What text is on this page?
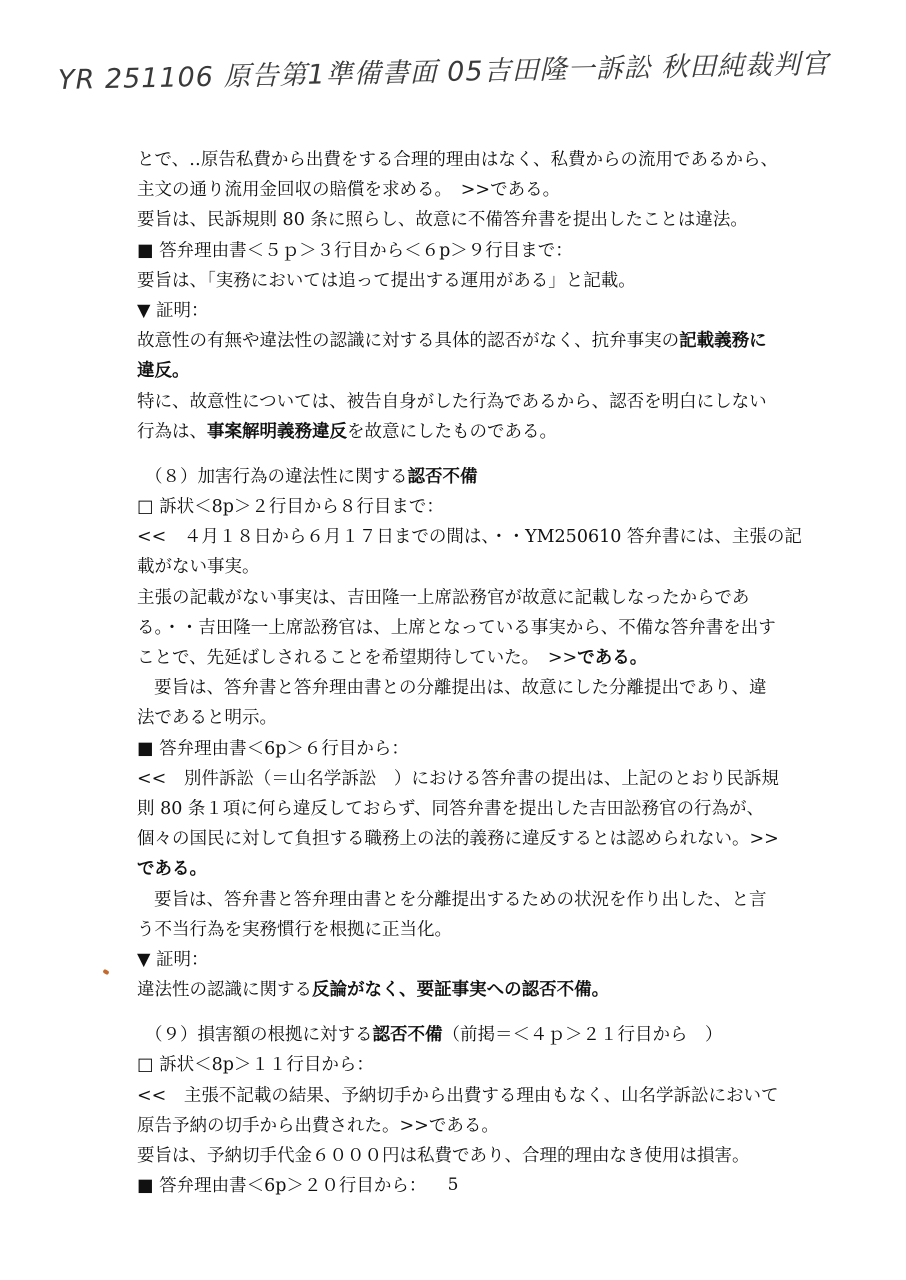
YR 251106 原告第1準備書面 05吉田隆一訴訟 秋田純裁判官
とで、‥原告私費から出費をする合理的理由はなく、私費からの流用であるから、
主文の通り流用金回収の賠償を求める。　>>である。
要旨は、民訴規則 80 条に照らし、故意に不備答弁書を提出したことは違法。
■ 答弁理由書＜５ｐ＞３行目から＜６p＞９行目まで：
要旨は、「実務においては追って提出する運用がある」と記載。
▼ 証明：
故意性の有無や違法性の認識に対する具体的認否がなく、抗弁事実の記載義務に
違反。
特に、故意性については、被告自身がした行為であるから、認否を明白にしない
行為は、事案解明義務違反を故意にしたものである。
（８）加害行為の違法性に関する認否不備
□ 訴状＜8p＞２行目から８行目まで：
<<　４月１８日から６月１７日までの間は、・・YM250610 答弁書には、主張の記
載がない事実。
主張の記載がない事実は、吉田隆一上席訟務官が故意に記載しなったからであ
る。・・吉田隆一上席訟務官は、上席となっている事実から、不備な答弁書を出す
ことで、先延ばしされることを希望期待していた。　>>である。
要旨は、答弁書と答弁理由書との分離提出は、故意にした分離提出であり、違
法であると明示。
■ 答弁理由書＜6p＞６行目から：
<<　別件訴訟（＝山名学訴訟　）における答弁書の提出は、上記のとおり民訴規
則 80 条１項に何ら違反しておらず、同答弁書を提出した吉田訟務官の行為が、
個々の国民に対して負担する職務上の法的義務に違反するとは認められない。>>
である。
要旨は、答弁書と答弁理由書とを分離提出するための状況を作り出した、と言
う不当行為を実務慣行を根拠に正当化。
▼ 証明：
違法性の認識に関する反論がなく、要証事実への認否不備。
（９）損害額の根拠に対する認否不備（前掲＝＜４ｐ＞２１行目から　）
□ 訴状＜8p＞１１行目から：
<<　主張不記載の結果、予納切手から出費する理由もなく、山名学訴訟において
原告予納の切手から出費された。>>である。
要旨は、予納切手代金６０００円は私費であり、合理的理由なき使用は損害。
■ 答弁理由書＜6p＞２０行目から：	5
